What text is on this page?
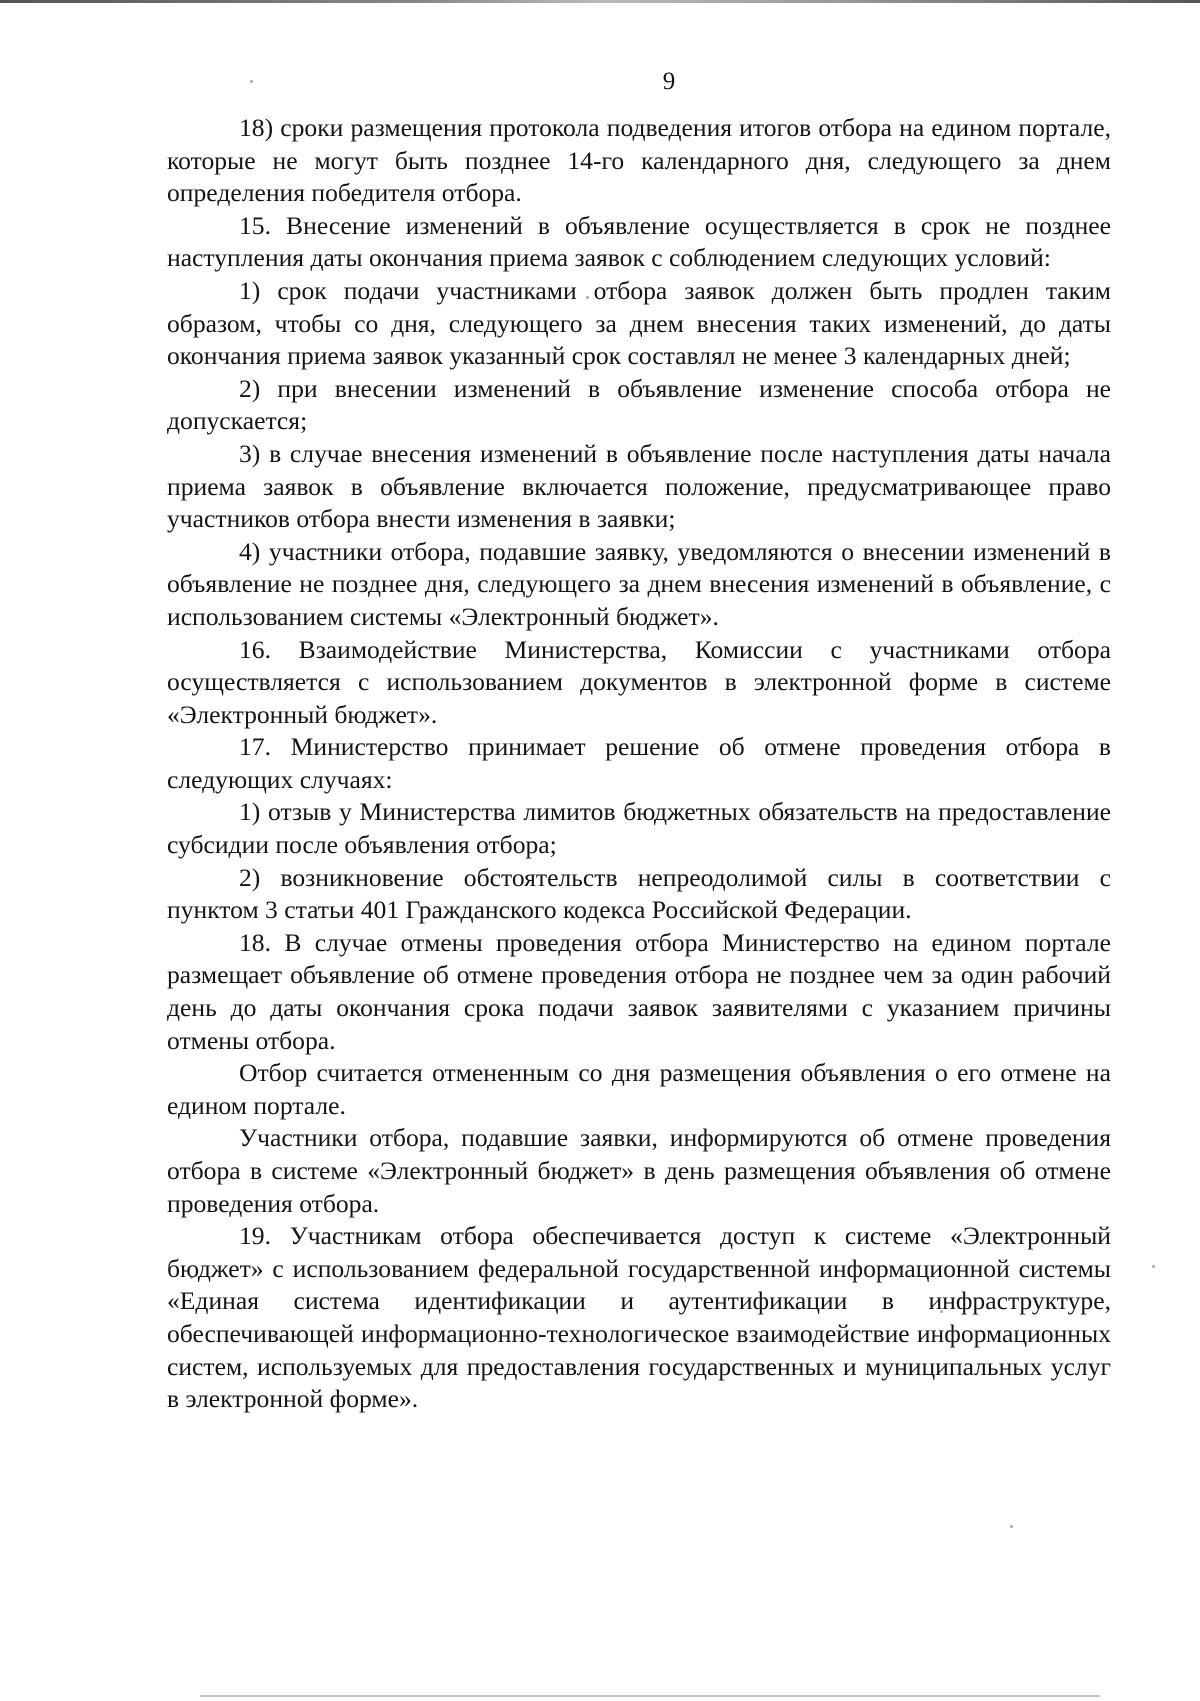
9

18) сроки размещения протокола подведения итогов отбора на едином портале, которые не могут быть позднее 14-го календарного дня, следующего за днем определения победителя отбора.

15. Внесение изменений в объявление осуществляется в срок не позднее наступления даты окончания приема заявок с соблюдением следующих условий:

1) срок подачи участниками отбора заявок должен быть продлен таким образом, чтобы со дня, следующего за днем внесения таких изменений, до даты окончания приема заявок указанный срок составлял не менее 3 календарных дней;

2) при внесении изменений в объявление изменение способа отбора не допускается;

3) в случае внесения изменений в объявление после наступления даты начала приема заявок в объявление включается положение, предусматривающее право участников отбора внести изменения в заявки;

4) участники отбора, подавшие заявку, уведомляются о внесении изменений в объявление не позднее дня, следующего за днем внесения изменений в объявление, с использованием системы «Электронный бюджет».

16. Взаимодействие Министерства, Комиссии с участниками отбора осуществляется с использованием документов в электронной форме в системе «Электронный бюджет».

17. Министерство принимает решение об отмене проведения отбора в следующих случаях:

1) отзыв у Министерства лимитов бюджетных обязательств на предоставление субсидии после объявления отбора;

2) возникновение обстоятельств непреодолимой силы в соответствии с пунктом 3 статьи 401 Гражданского кодекса Российской Федерации.

18. В случае отмены проведения отбора Министерство на едином портале размещает объявление об отмене проведения отбора не позднее чем за один рабочий день до даты окончания срока подачи заявок заявителями с указанием причины отмены отбора.

Отбор считается отмененным со дня размещения объявления о его отмене на едином портале.

Участники отбора, подавшие заявки, информируются об отмене проведения отбора в системе «Электронный бюджет» в день размещения объявления об отмене проведения отбора.

19. Участникам отбора обеспечивается доступ к системе «Электронный бюджет» с использованием федеральной государственной информационной системы «Единая система идентификации и аутентификации в инфраструктуре, обеспечивающей информационно-технологическое взаимодействие информационных систем, используемых для предоставления государственных и муниципальных услуг в электронной форме».
